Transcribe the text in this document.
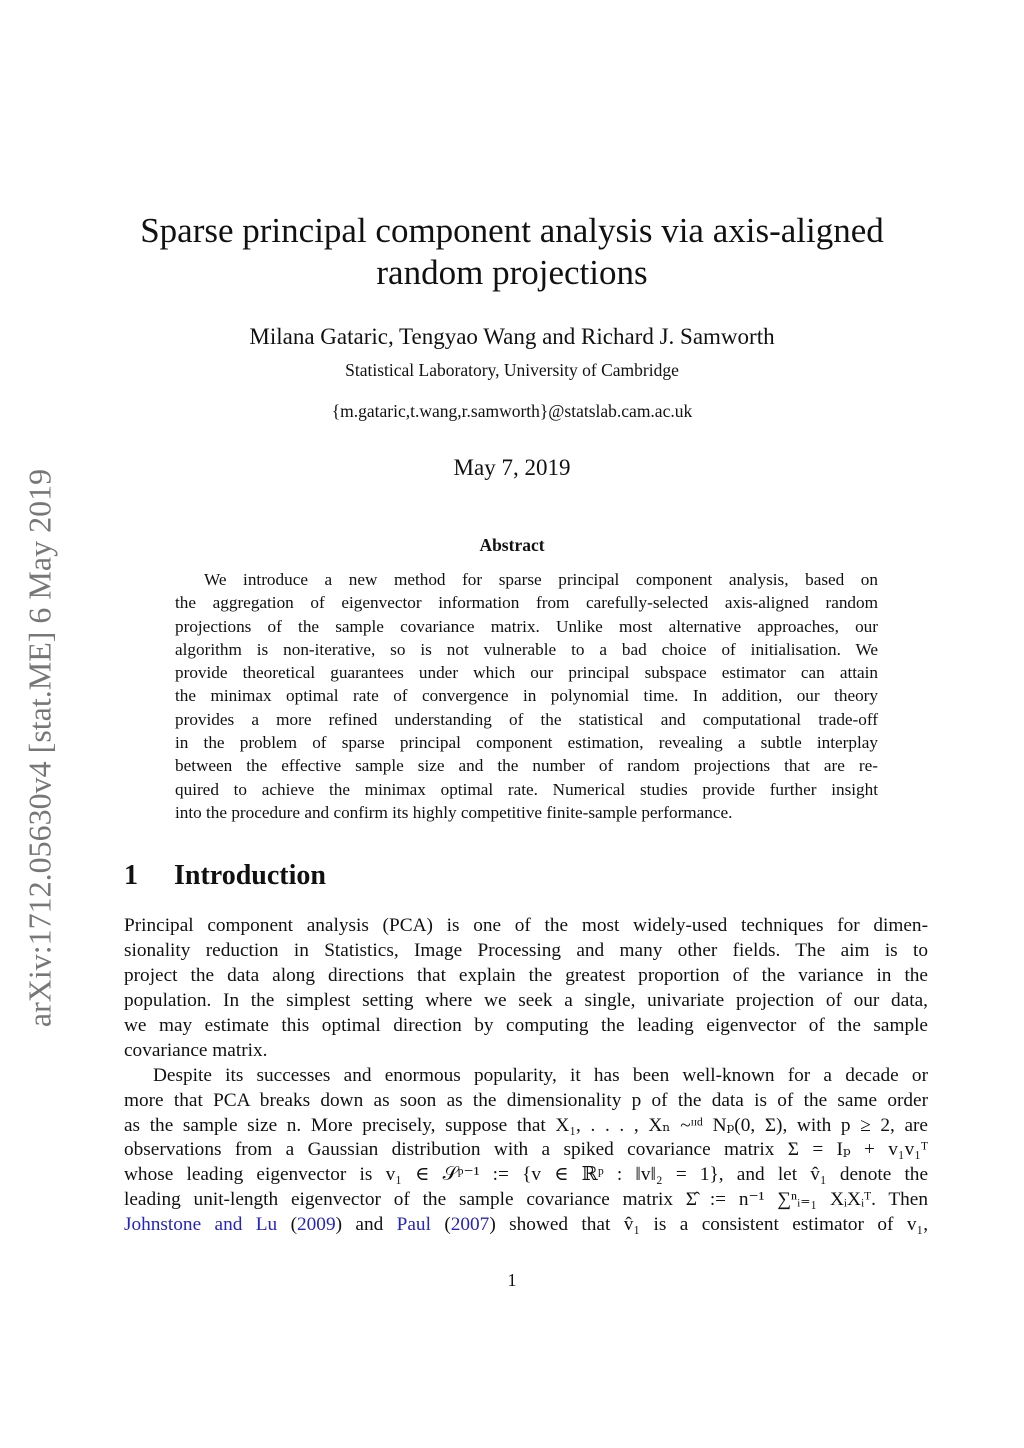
arXiv:1712.05630v4 [stat.ME] 6 May 2019
Sparse principal component analysis via axis-aligned
random projections
Milana Gataric, Tengyao Wang and Richard J. Samworth
Statistical Laboratory, University of Cambridge
{m.gataric,t.wang,r.samworth}@statslab.cam.ac.uk
May 7, 2019
Abstract
We introduce a new method for sparse principal component analysis, based on
the aggregation of eigenvector information from carefully-selected axis-aligned random
projections of the sample covariance matrix. Unlike most alternative approaches, our
algorithm is non-iterative, so is not vulnerable to a bad choice of initialisation. We
provide theoretical guarantees under which our principal subspace estimator can attain
the minimax optimal rate of convergence in polynomial time. In addition, our theory
provides a more refined understanding of the statistical and computational trade-off
in the problem of sparse principal component estimation, revealing a subtle interplay
between the effective sample size and the number of random projections that are re-
quired to achieve the minimax optimal rate. Numerical studies provide further insight
into the procedure and confirm its highly competitive finite-sample performance.
1 Introduction
Principal component analysis (PCA) is one of the most widely-used techniques for dimen-
sionality reduction in Statistics, Image Processing and many other fields. The aim is to
project the data along directions that explain the greatest proportion of the variance in the
population. In the simplest setting where we seek a single, univariate projection of our data,
we may estimate this optimal direction by computing the leading eigenvector of the sample
covariance matrix.
Despite its successes and enormous popularity, it has been well-known for a decade or
more that PCA breaks down as soon as the dimensionality p of the data is of the same order
as the sample size n. More precisely, suppose that X₁, . . . , Xₙ ~ᶦᶦᵈ Nₚ(0, Σ), with p ≥ 2, are
observations from a Gaussian distribution with a spiked covariance matrix Σ = Iₚ + v₁v₁ᵀ
whose leading eigenvector is v₁ ∈ 𝒮ᵖ⁻¹ := {v ∈ ℝᵖ : ‖v‖₂ = 1}, and let v̂₁ denote the
leading unit-length eigenvector of the sample covariance matrix Σ̂ := n⁻¹ ∑ⁿᵢ₌₁ XᵢXᵢᵀ. Then
Johnstone and Lu (2009) and Paul (2007) showed that v̂₁ is a consistent estimator of v₁,
1
